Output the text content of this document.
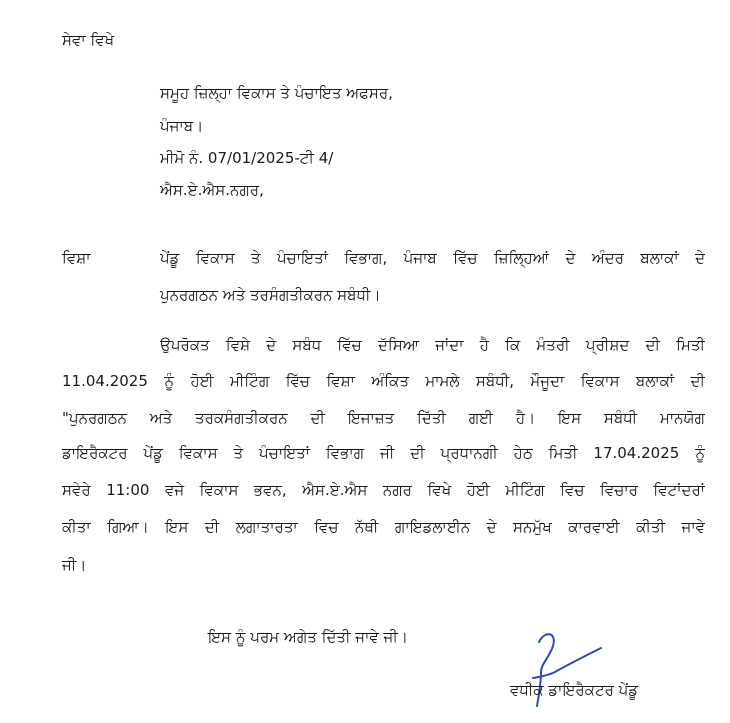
ਸੇਵਾ ਵਿਖੇ
ਸਮੂਹ ਜ਼ਿਲ੍ਹਾ ਵਿਕਾਸ ਤੇ ਪੰਚਾਇਤ ਅਫਸਰ,
ਪੰਜਾਬ।
ਮੀਮੋ ਨੰ. 07/01/2025-ਟੀ 4/
ਐਸ.ਏ.ਐਸ.ਨਗਰ,
ਵਿਸ਼ਾ	ਪੇਂਡੂ ਵਿਕਾਸ ਤੇ ਪੰਚਾਇਤਾਂ ਵਿਭਾਗ, ਪੰਜਾਬ ਵਿੱਚ ਜ਼ਿਲ੍ਹਿਆਂ ਦੇ ਅੰਦਰ ਬਲਾਕਾਂ ਦੇ
ਪੁਨਰਗਠਨ ਅਤੇ ਤਰਸੰਗਤੀਕਰਨ ਸਬੰਧੀ।
ਉਪਰੋਕਤ ਵਿਸ਼ੇ ਦੇ ਸਬੰਧ ਵਿੱਚ ਦੱਸਿਆ ਜਾਂਦਾ ਹੈ ਕਿ ਮੰਤਰੀ ਪ੍ਰੀਸ਼ਦ ਦੀ ਮਿਤੀ
11.04.2025 ਨੂੰ ਹੋਈ ਮੀਟਿੰਗ ਵਿੱਚ ਵਿਸ਼ਾ ਅੰਕਿਤ ਮਾਮਲੇ ਸਬੰਧੀ, ਮੌਜੂਦਾ ਵਿਕਾਸ ਬਲਾਕਾਂ ਦੀ
"ਪੁਨਰਗਠਨ ਅਤੇ ਤਰਕਸੰਗਤੀਕਰਨ ਦੀ ਇਜਾਜ਼ਤ ਦਿੱਤੀ ਗਈ ਹੈ। ਇਸ ਸਬੰਧੀ ਮਾਨਯੋਗ
ਡਾਇਰੈਕਟਰ ਪੇਂਡੂ ਵਿਕਾਸ ਤੇ ਪੰਚਾਇਤਾਂ ਵਿਭਾਗ ਜੀ ਦੀ ਪ੍ਰਧਾਨਗੀ ਹੇਠ ਮਿਤੀ 17.04.2025 ਨੂੰ
ਸਵੇਰੇ 11:00 ਵਜੇ ਵਿਕਾਸ ਭਵਨ, ਐਸ.ਏ.ਐਸ ਨਗਰ ਵਿਖੇ ਹੋਈ ਮੀਟਿੰਗ ਵਿਚ ਵਿਚਾਰ ਵਿਟਾਂਦਰਾਂ
ਕੀਤਾ ਗਿਆ। ਇਸ ਦੀ ਲਗਾਤਾਰਤਾ ਵਿਚ ਨੱਥੀ ਗਾਇਡਲਾਈਨ ਦੇ ਸਨਮੁੱਖ ਕਾਰਵਾਈ ਕੀਤੀ ਜਾਵੇ
ਜੀ।
ਇਸ ਨੂੰ ਪਰਮ ਅਗੇਤ ਦਿੱਤੀ ਜਾਵੇ ਜੀ।
ਵਧੀਕ ਡਾਇਰੈਕਟਰ ਪੇਂਡੂ
